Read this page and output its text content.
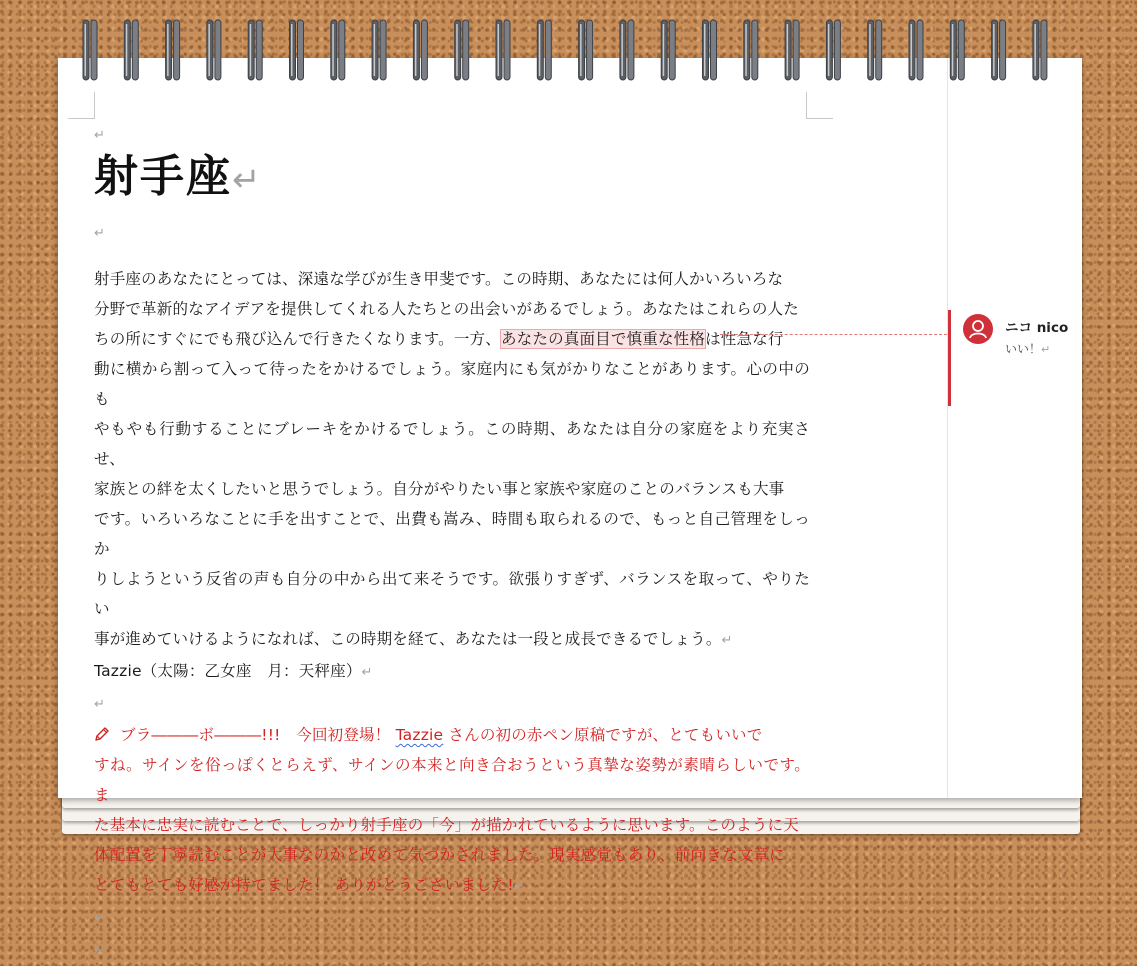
↵
射手座↵
↵

射手座のあなたにとっては、深遠な学びが生き甲斐です。この時期、あなたには何人かいろいろな

分野で革新的なアイデアを提供してくれる人たちとの出会いがあるでしょう。あなたはこれらの人た

ちの所にすぐにでも飛び込んで行きたくなります。一方、あなたの真面目で慎重な性格は性急な行

動に横から割って入って待ったをかけるでしょう。家庭内にも気がかりなことがあります。心の中のも

やもやも行動することにブレーキをかけるでしょう。この時期、あなたは自分の家庭をより充実させ、

家族との絆を太くしたいと思うでしょう。自分がやりたい事と家族や家庭のことのバランスも大事

です。いろいろなことに手を出すことで、出費も嵩み、時間も取られるので、もっと自己管理をしっか

りしようという反省の声も自分の中から出て来そうです。欲張りすぎず、バランスを取って、やりたい

事が進めていけるようになれば、この時期を経て、あなたは一段と成長できるでしょう。↵

Tazzie（太陽：乙女座　月：天秤座）↵

↵

ブラ―――ボ―――!!!　今回初登場！ Tazzie さんの初の赤ペン原稿ですが、とてもいいで

すね。サインを俗っぽくとらえず、サインの本来と向き合おうという真摯な姿勢が素晴らしいです。ま

た基本に忠実に読むことで、しっかり射手座の「今」が描かれているように思います。このように天

体配置を丁寧読むことが大事なのかと改めて気づかされました。現実感覚もあり、前向きな文章に

とてもとても好感が持てました！ ありがとうございました!↵

↵

↵

ニコ nico
いい！↵
